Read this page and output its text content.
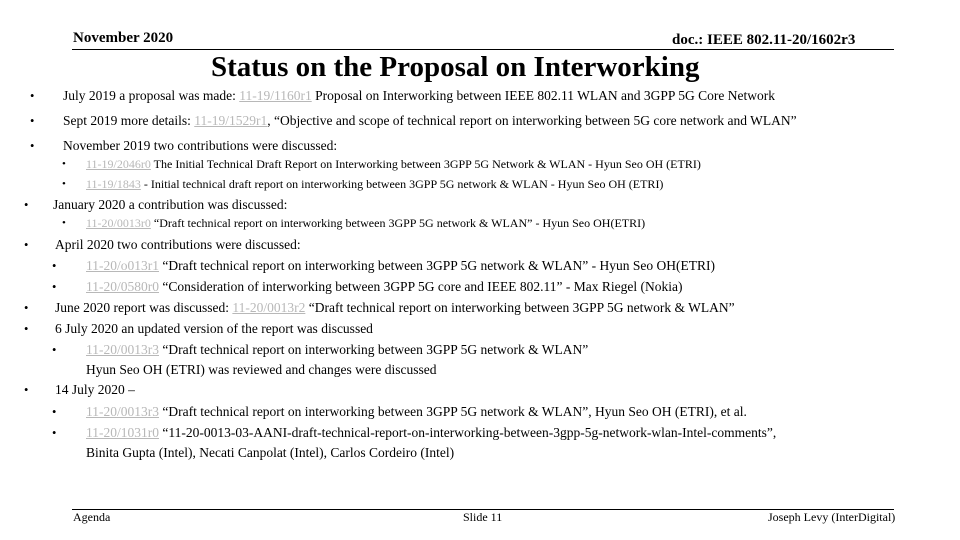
November 2020	doc.: IEEE 802.11-20/1602r3
Status on the Proposal on Interworking
• July 2019 a proposal was made: 11-19/1160r1 Proposal on Interworking between IEEE 802.11 WLAN and 3GPP 5G Core Network
• Sept 2019 more details: 11-19/1529r1, “Objective and scope of technical report on interworking between 5G core network and WLAN”
• November 2019 two contributions were discussed:
• 11-19/2046r0 The Initial Technical Draft Report on Interworking between 3GPP 5G Network & WLAN - Hyun Seo OH (ETRI)
• 11-19/1843 - Initial technical draft report on interworking between 3GPP 5G network & WLAN - Hyun Seo OH (ETRI)
• January 2020 a contribution was discussed:
• 11-20/0013r0 “Draft technical report on interworking between 3GPP 5G network & WLAN” - Hyun Seo OH(ETRI)
• April 2020 two contributions were discussed:
• 11-20/o013r1 “Draft technical report on interworking between 3GPP 5G network & WLAN” - Hyun Seo OH(ETRI)
• 11-20/0580r0 “Consideration of interworking between 3GPP 5G core and IEEE 802.11” - Max Riegel (Nokia)
• June 2020 report was discussed: 11-20/0013r2 “Draft technical report on interworking between 3GPP 5G network & WLAN”
• 6 July 2020 an updated version of the report was discussed
• 11-20/0013r3 “Draft technical report on interworking between 3GPP 5G network & WLAN”
Hyun Seo OH (ETRI) was reviewed and changes were discussed
• 14 July 2020 –
• 11-20/0013r3 “Draft technical report on interworking between 3GPP 5G network & WLAN”, Hyun Seo OH (ETRI), et al.
• 11-20/1031r0 “11-20-0013-03-AANI-draft-technical-report-on-interworking-between-3gpp-5g-network-wlan-Intel-comments”,
Binita Gupta (Intel), Necati Canpolat (Intel), Carlos Cordeiro (Intel)
Agenda	Slide 11	Joseph Levy (InterDigital)
